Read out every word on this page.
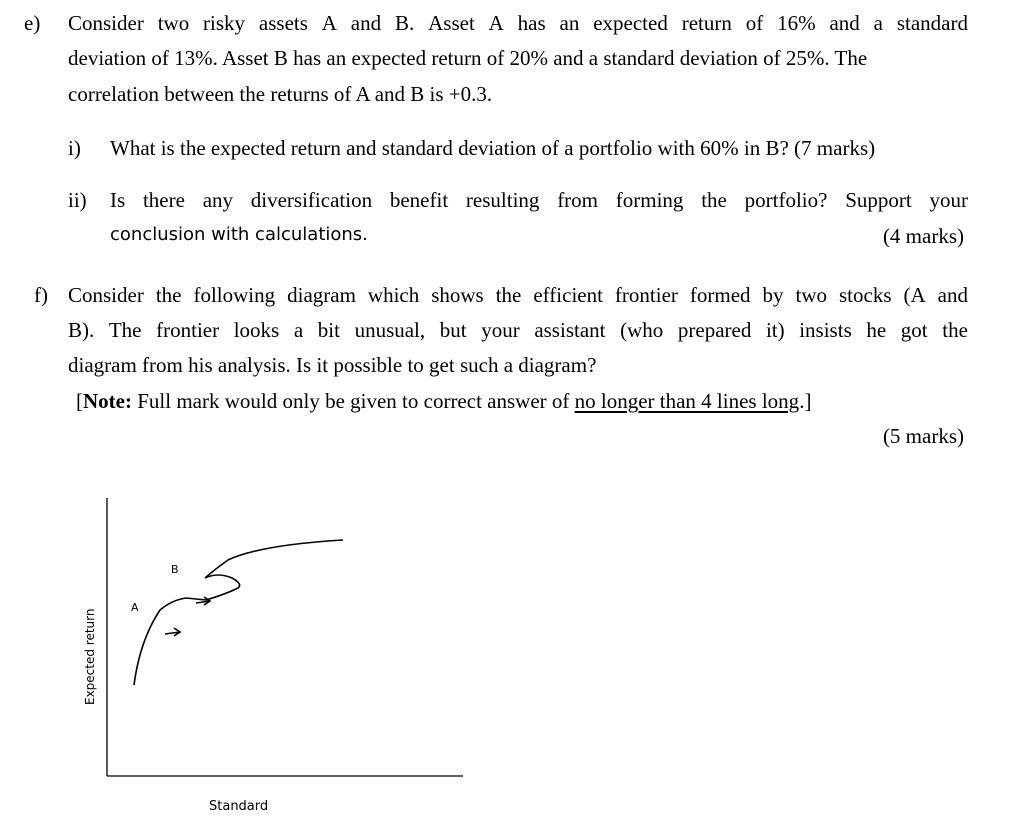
e) Consider two risky assets A and B. Asset A has an expected return of 16% and a standard
deviation of 13%. Asset B has an expected return of 20% and a standard deviation of 25%. The
correlation between the returns of A and B is +0.3.
i) What is the expected return and standard deviation of a portfolio with 60% in B? (7 marks)
ii) Is there any diversification benefit resulting from forming the portfolio? Support your
conclusion with calculations.	(4 marks)
f) Consider the following diagram which shows the efficient frontier formed by two stocks (A and
B). The frontier looks a bit unusual, but your assistant (who prepared it) insists he got the
diagram from his analysis. Is it possible to get such a diagram?
[Note: Full mark would only be given to correct answer of no longer than 4 lines long.]
(5 marks)
A
B
Expected return
Standard
